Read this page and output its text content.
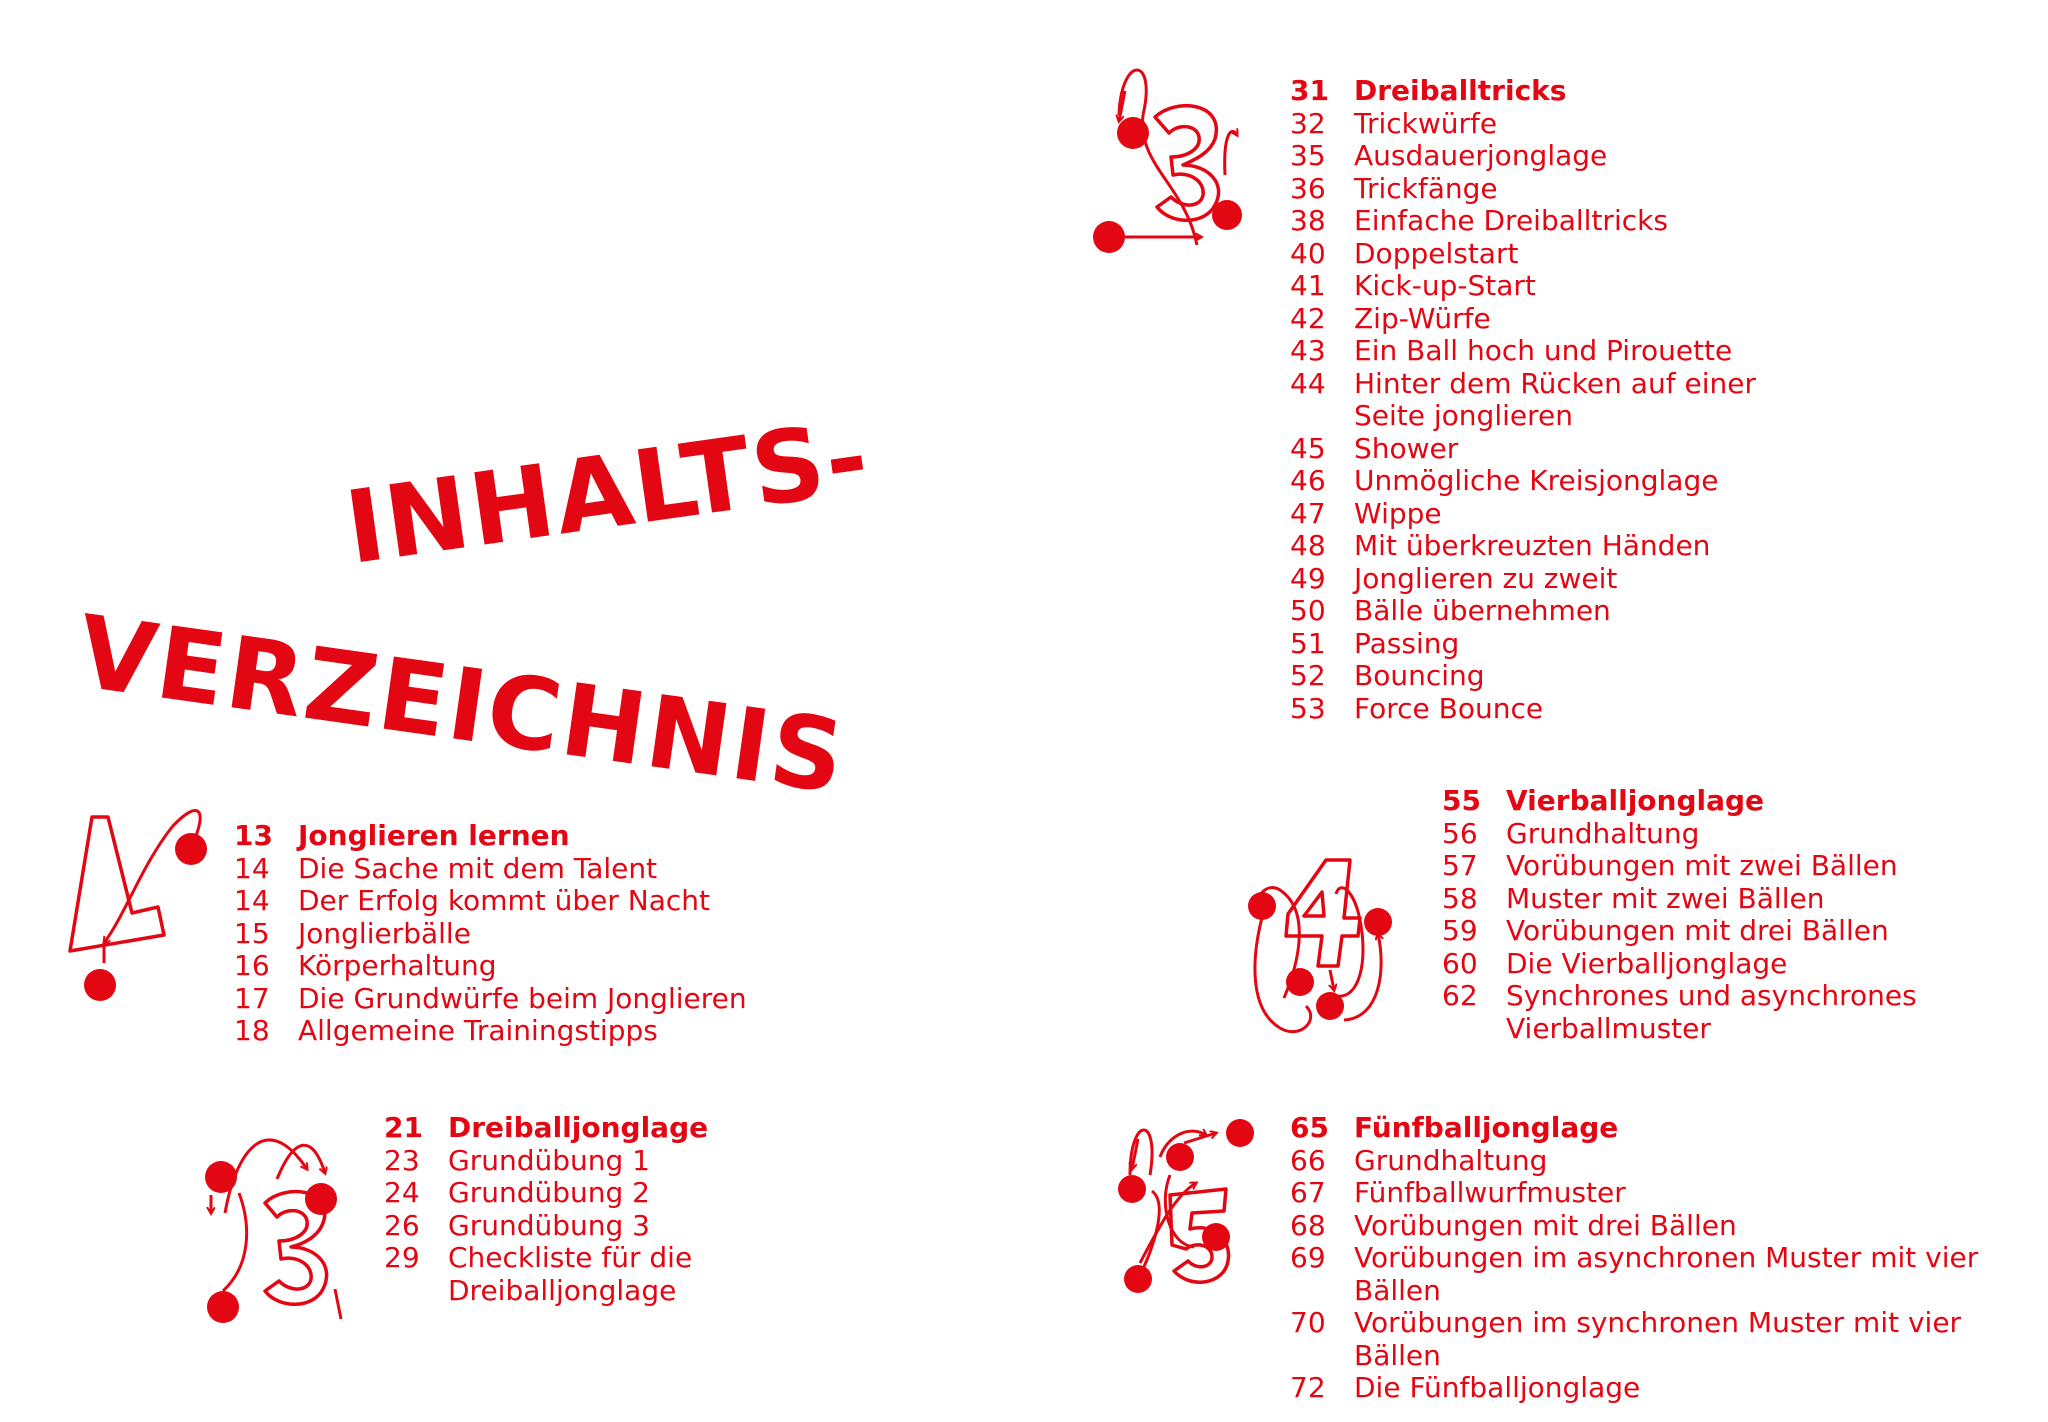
INHALTS-
VERZEICHNIS
13 Jonglieren lernen
14	Die Sache mit dem Talent
14	Der Erfolg kommt über Nacht
15	Jonglierbälle
16	Körperhaltung
17	Die Grundwürfe beim Jonglieren
18	Allgemeine Trainingstipps
21 Dreiballjonglage
23	Grundübung 1
24	Grundübung 2
26	Grundübung 3
29	Checkliste für die
Dreiballjonglage
31 Dreiballtricks
32	Trickwürfe
35	Ausdauerjonglage
36	Trickfänge
38	Einfache Dreiballtricks
40	Doppelstart
41	Kick-up-Start
42	Zip-Würfe
43	Ein Ball hoch und Pirouette
44	Hinter dem Rücken auf einer
Seite jonglieren
45	Shower
46	Unmögliche Kreisjonglage
47	Wippe
48	Mit überkreuzten Händen
49	Jonglieren zu zweit
50	Bälle übernehmen
51	Passing
52	Bouncing
53	Force Bounce
55 Vierballjonglage
56	Grundhaltung
57	Vorübungen mit zwei Bällen
58	Muster mit zwei Bällen
59	Vorübungen mit drei Bällen
60	Die Vierballjonglage
62	Synchrones und asynchrones
Vierballmuster
65 Fünfballjonglage
66	Grundhaltung
67	Fünfballwurfmuster
68	Vorübungen mit drei Bällen
69	Vorübungen im asynchronen Muster mit vier Bällen
70	Vorübungen im synchronen Muster mit vier Bällen
72	Die Fünfballjonglage
